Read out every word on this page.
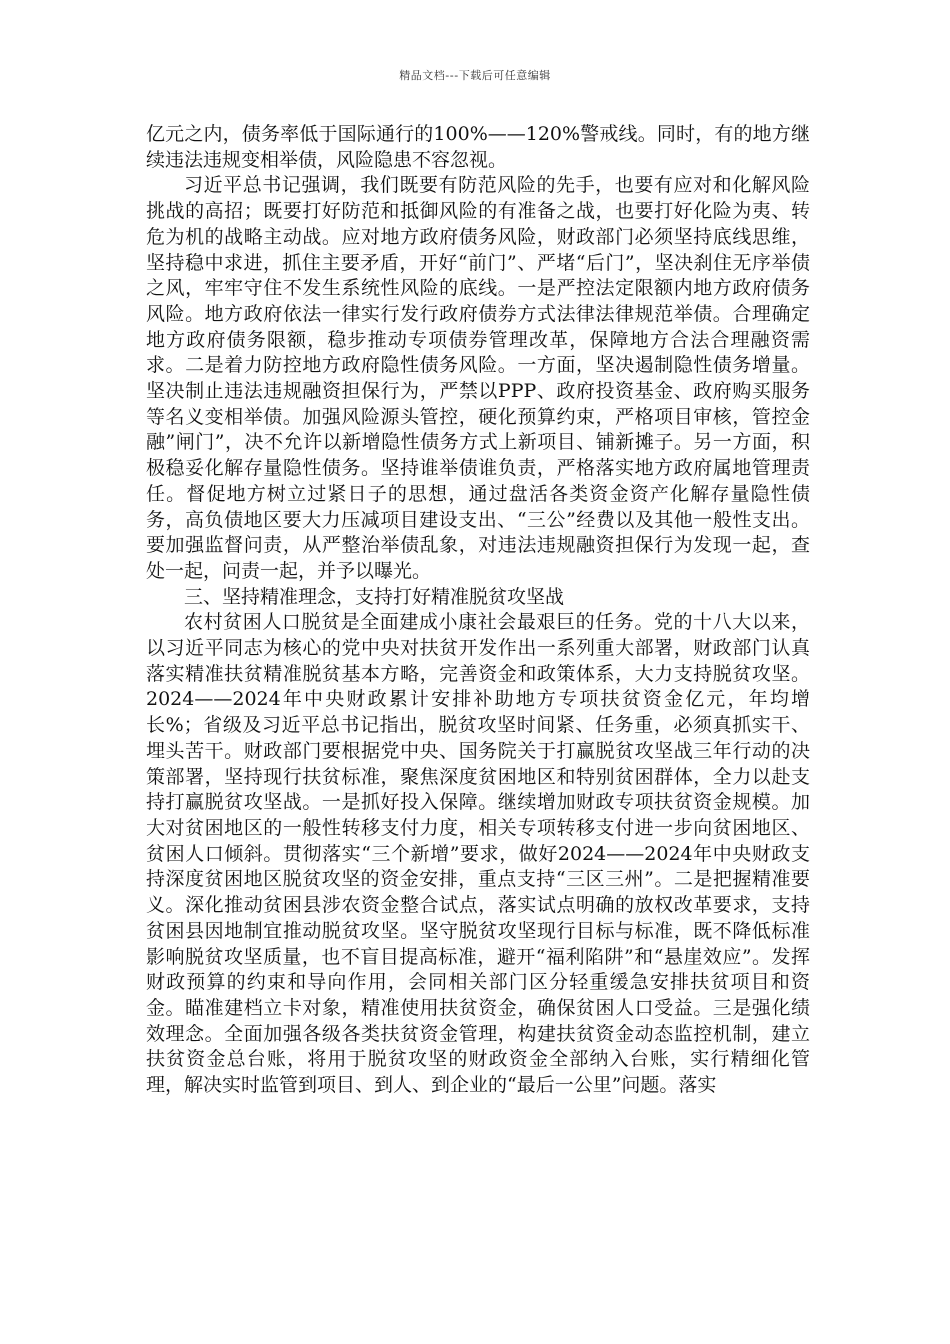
精品文档---下载后可任意编辑

亿元之内，债务率低于国际通行的100%——120%警戒线。同时，有的地方继续违法违规变相举债，风险隐患不容忽视。

习近平总书记强调，我们既要有防范风险的先手，也要有应对和化解风险挑战的高招；既要打好防范和抵御风险的有准备之战，也要打好化险为夷、转危为机的战略主动战。应对地方政府债务风险，财政部门必须坚持底线思维，坚持稳中求进，抓住主要矛盾，开好“前门”、严堵“后门”，坚决刹住无序举债之风，牢牢守住不发生系统性风险的底线。一是严控法定限额内地方政府债务风险。地方政府依法一律实行发行政府债券方式法律法律规范举债。合理确定地方政府债务限额，稳步推动专项债券管理改革，保障地方合法合理融资需求。二是着力防控地方政府隐性债务风险。一方面，坚决遏制隐性债务增量。坚决制止违法违规融资担保行为，严禁以PPP、政府投资基金、政府购买服务等名义变相举债。加强风险源头管控，硬化预算约束，严格项目审核，管控金融”闸门”，决不允许以新增隐性债务方式上新项目、铺新摊子。另一方面，积极稳妥化解存量隐性债务。坚持谁举债谁负责，严格落实地方政府属地管理责任。督促地方树立过紧日子的思想，通过盘活各类资金资产化解存量隐性债务，高负债地区要大力压减项目建设支出、“三公”经费以及其他一般性支出。要加强监督问责，从严整治举债乱象，对违法违规融资担保行为发现一起，查处一起，问责一起，并予以曝光。

三、坚持精准理念，支持打好精准脱贫攻坚战

农村贫困人口脱贫是全面建成小康社会最艰巨的任务。党的十八大以来，以习近平同志为核心的党中央对扶贫开发作出一系列重大部署，财政部门认真落实精准扶贫精准脱贫基本方略，完善资金和政策体系，大力支持脱贫攻坚。2024——2024年中央财政累计安排补助地方专项扶贫资金亿元，年均增长%；省级及习近平总书记指出，脱贫攻坚时间紧、任务重，必须真抓实干、埋头苦干。财政部门要根据党中央、国务院关于打赢脱贫攻坚战三年行动的决策部署，坚持现行扶贫标准，聚焦深度贫困地区和特别贫困群体，全力以赴支持打赢脱贫攻坚战。一是抓好投入保障。继续增加财政专项扶贫资金规模。加大对贫困地区的一般性转移支付力度，相关专项转移支付进一步向贫困地区、贫困人口倾斜。贯彻落实“三个新增”要求，做好2024——2024年中央财政支持深度贫困地区脱贫攻坚的资金安排，重点支持“三区三州”。二是把握精准要义。深化推动贫困县涉农资金整合试点，落实试点明确的放权改革要求，支持贫困县因地制宜推动脱贫攻坚。坚守脱贫攻坚现行目标与标准，既不降低标准影响脱贫攻坚质量，也不盲目提高标准，避开“福利陷阱”和“悬崖效应”。发挥财政预算的约束和导向作用，会同相关部门区分轻重缓急安排扶贫项目和资金。瞄准建档立卡对象，精准使用扶贫资金，确保贫困人口受益。三是强化绩效理念。全面加强各级各类扶贫资金管理，构建扶贫资金动态监控机制，建立扶贫资金总台账，将用于脱贫攻坚的财政资金全部纳入台账，实行精细化管理，解决实时监管到项目、到人、到企业的“最后一公里”问题。落实
